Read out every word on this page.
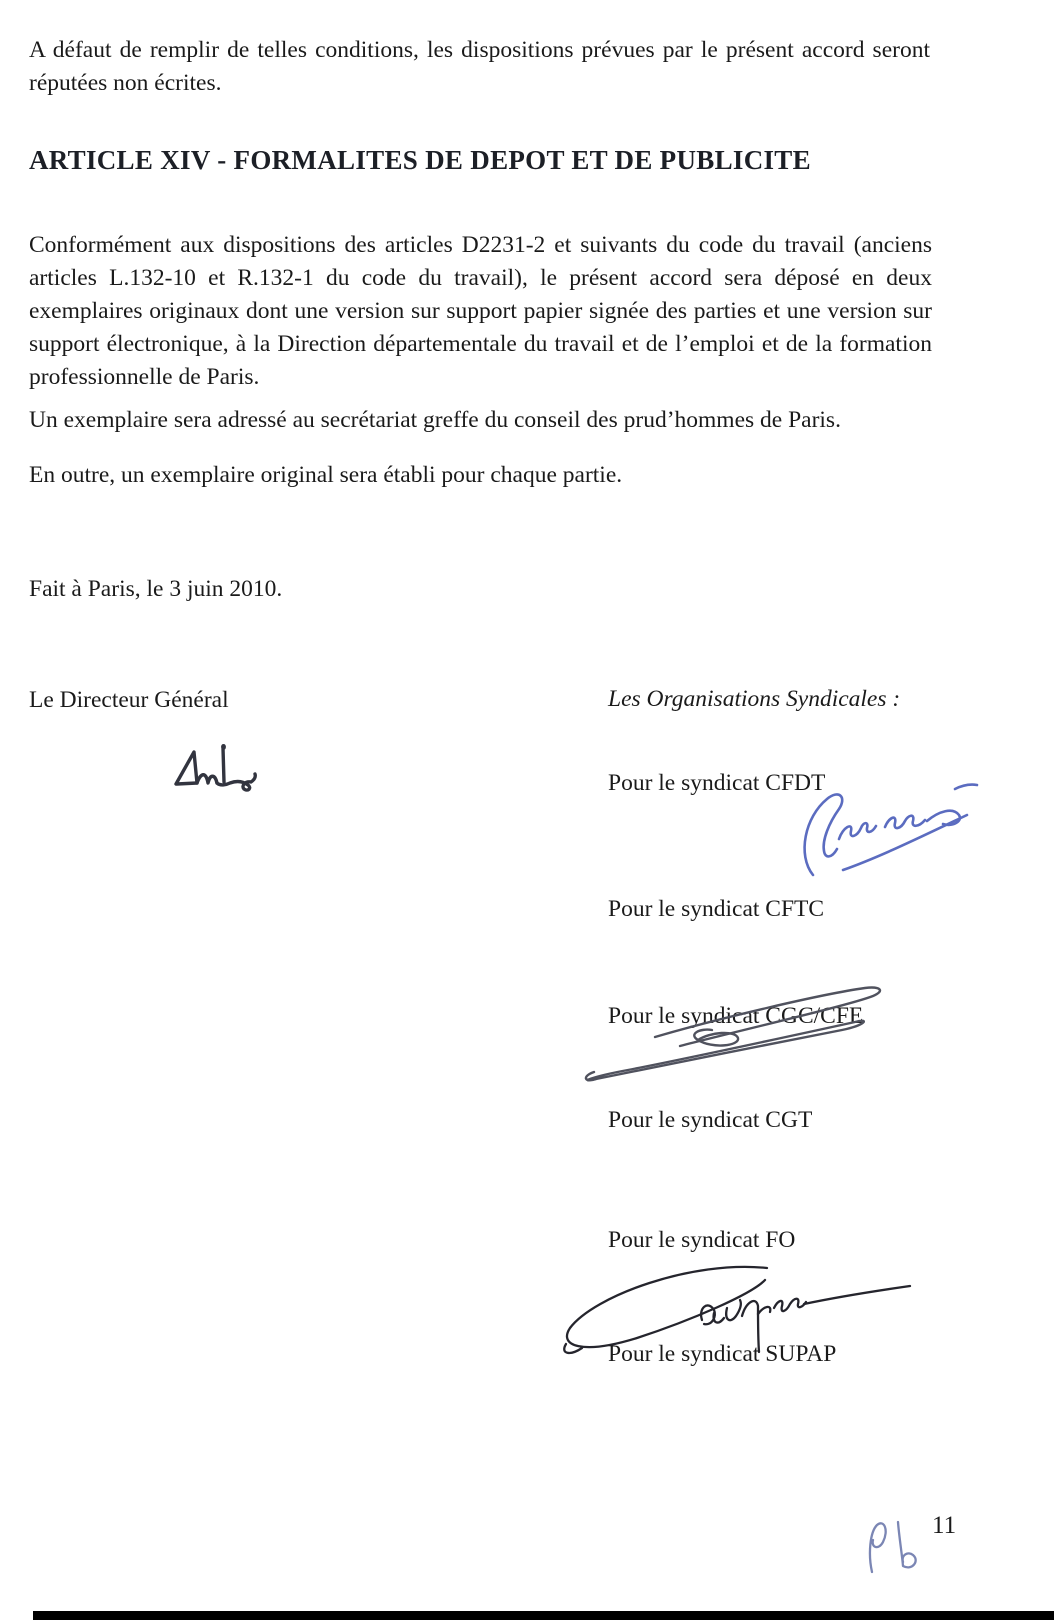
A défaut de remplir de telles conditions, les dispositions prévues par le présent accord seront réputées non écrites.
ARTICLE XIV - FORMALITES DE DEPOT ET DE PUBLICITE
Conformément aux dispositions des articles D2231-2 et suivants du code du travail (anciens articles L.132-10 et R.132-1 du code du travail), le présent accord sera déposé en deux exemplaires originaux dont une version sur support papier signée des parties et une version sur support électronique, à la Direction départementale du travail et de l’emploi et de la formation professionnelle de Paris.
Un exemplaire sera adressé au secrétariat greffe du conseil des prud’hommes de Paris.
En outre, un exemplaire original sera établi pour chaque partie.
Fait à Paris, le 3 juin 2010.
Le Directeur Général	Les Organisations Syndicales :
Pour le syndicat CFDT
Pour le syndicat CFTC
Pour le syndicat CGC/CFE
Pour le syndicat CGT
Pour le syndicat FO
Pour le syndicat SUPAP
11
